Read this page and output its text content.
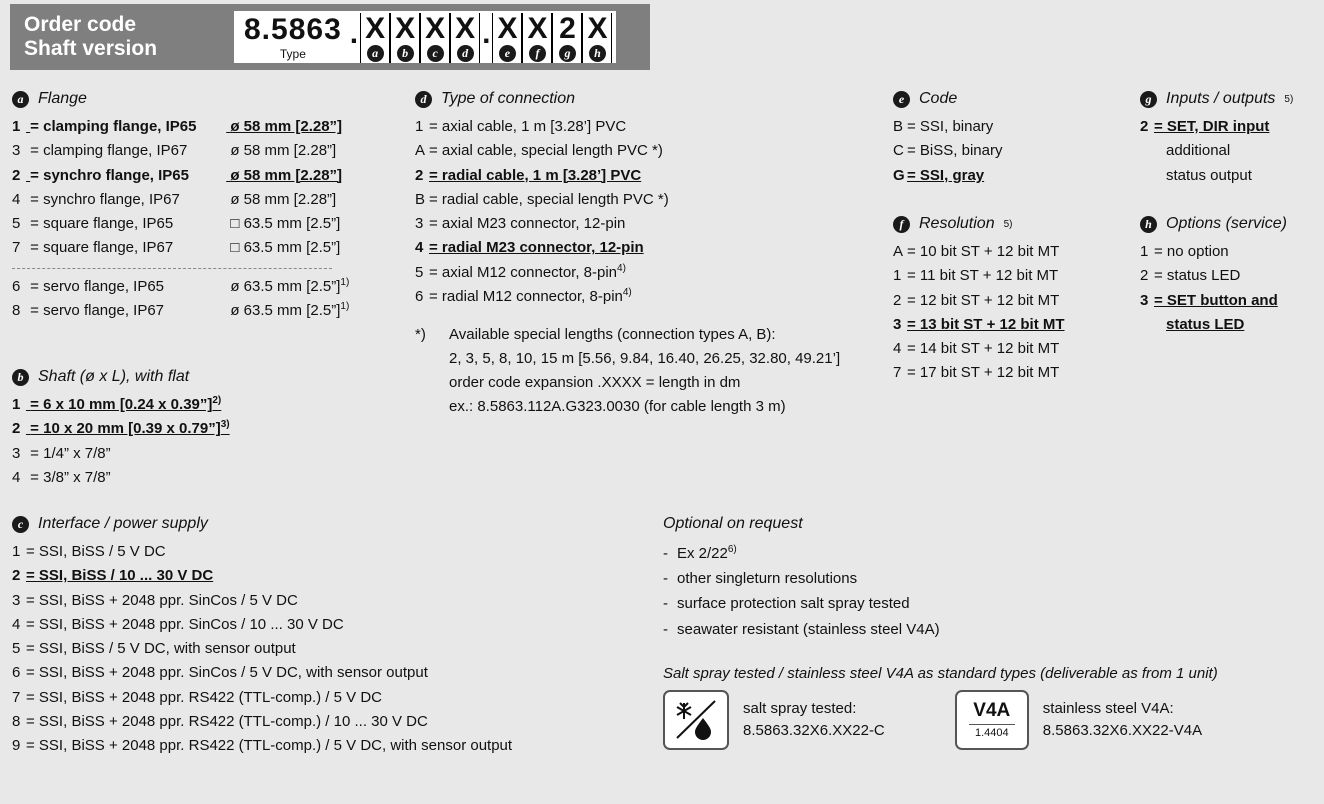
Order code
Shaft version
8.5863
Type
. X
a
X
b
X
c
X
d
. X
e
X
f
2
g
X
h
a Flange
1 = clamping flange, IP65 ø 58 mm [2.28”]
3 = clamping flange, IP67	ø 58 mm [2.28”]
2 = synchro flange, IP65	ø 58 mm [2.28”]
4 = synchro flange, IP67	ø 58 mm [2.28”]
5 = square flange, IP65	□ 63.5 mm [2.5”]
7 = square flange, IP67	□ 63.5 mm [2.5”]
6 = servo flange, IP65	ø 63.5 mm [2.5”]$^{1)}$
8 = servo flange, IP67	ø 63.5 mm [2.5”]$^{1)}$
b Shaft (ø x L), with flat
1 = 6 x 10 mm [0.24 x 0.39”]$^{2)}$
2 = 10 x 20 mm [0.39 x 0.79”]$^{3)}$
3 = 1/4” x 7/8”
4 = 3/8” x 7/8”
c Interface / power supply
1 = SSI, BiSS / 5 V DC
2 = SSI, BiSS / 10 ... 30 V DC
3 = SSI, BiSS + 2048 ppr. SinCos / 5 V DC
4 = SSI, BiSS + 2048 ppr. SinCos / 10 ... 30 V DC
5 = SSI, BiSS / 5 V DC, with sensor output
6 = SSI, BiSS + 2048 ppr. SinCos / 5 V DC, with sensor output
7 = SSI, BiSS + 2048 ppr. RS422 (TTL-comp.) / 5 V DC
8 = SSI, BiSS + 2048 ppr. RS422 (TTL-comp.) / 10 ... 30 V DC
9 = SSI, BiSS + 2048 ppr. RS422 (TTL-comp.) / 5 V DC, with sensor output
d Type of connection
1 = axial cable, 1 m [3.28’] PVC
A = axial cable, special length PVC *)
2 = radial cable, 1 m [3.28’] PVC
B = radial cable, special length PVC *)
3 = axial M23 connector, 12-pin
4 = radial M23 connector, 12-pin
5 = axial M12 connector, 8-pin$^{4)}$
6 = radial M12 connector, 8-pin$^{4)}$
*)	Available special lengths (connection types A, B):
2, 3, 5, 8, 10, 15 m [5.56, 9.84, 16.40, 26.25, 32.80, 49.21’]
order code expansion .XXXX = length in dm
ex.: 8.5863.112A.G323.0030 (for cable length 3 m)
e Code
B = SSI, binary
C = BiSS, binary
G = SSI, gray
f Resolution 5)
A = 10 bit ST + 12 bit MT
1 = 11 bit ST + 12 bit MT
2 = 12 bit ST + 12 bit MT
3 = 13 bit ST + 12 bit MT
4 = 14 bit ST + 12 bit MT
7 = 17 bit ST + 12 bit MT
g Inputs / outputs 5)
2 = SET, DIR input
additional
status output
h Options (service)
1 = no option
2 = status LED
3 = SET button and
status LED
Optional on request
- Ex 2/22$^{6)}$
- other singleturn resolutions
- surface protection salt spray tested
- seawater resistant (stainless steel V4A)
Salt spray tested / stainless steel V4A as standard types (deliverable as from 1 unit)
salt spray tested:
8.5863.32X6.XX22-C
V4A
1.4404
stainless steel V4A:
8.5863.32X6.XX22-V4A
